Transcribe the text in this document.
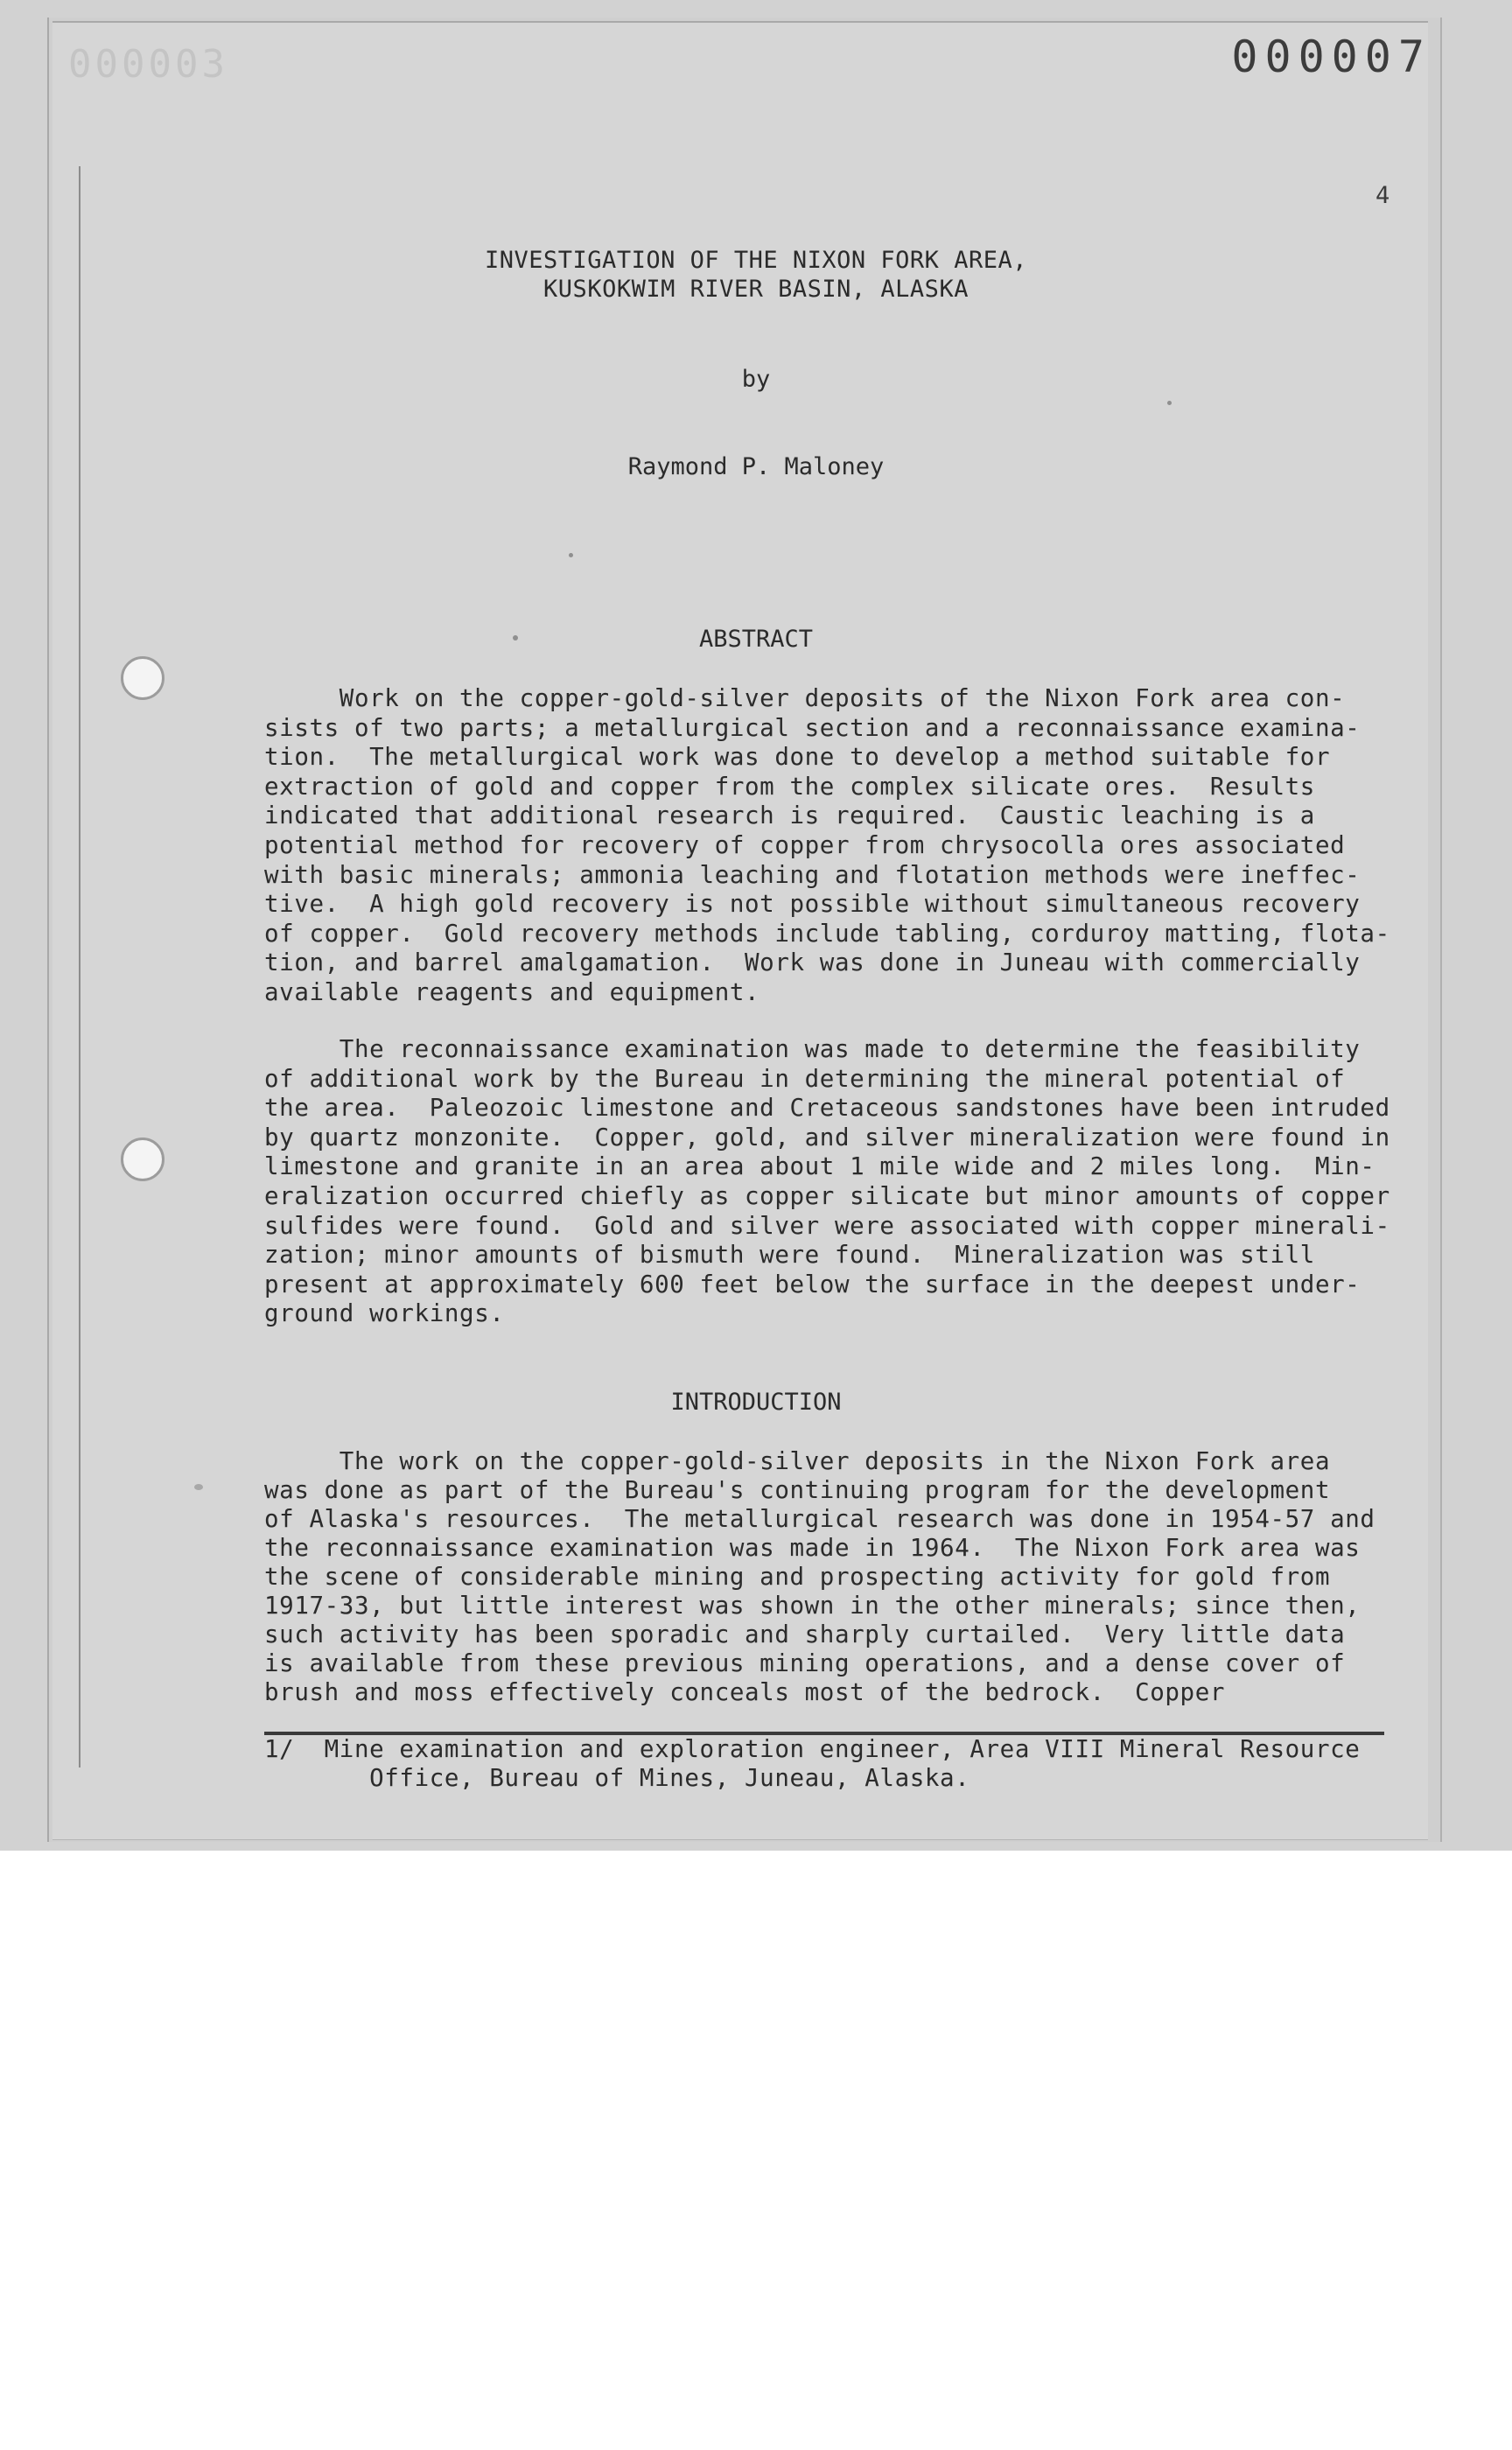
000003	000007
4
INVESTIGATION OF THE NIXON FORK AREA,
KUSKOKWIM RIVER BASIN, ALASKA
by
Raymond P. Maloney
ABSTRACT
Work on the copper-gold-silver deposits of the Nixon Fork area con-
sists of two parts; a metallurgical section and a reconnaissance examina-
tion.  The metallurgical work was done to develop a method suitable for
extraction of gold and copper from the complex silicate ores.  Results
indicated that additional research is required.  Caustic leaching is a
potential method for recovery of copper from chrysocolla ores associated
with basic minerals; ammonia leaching and flotation methods were ineffec-
tive.  A high gold recovery is not possible without simultaneous recovery
of copper.  Gold recovery methods include tabling, corduroy matting, flota-
tion, and barrel amalgamation.  Work was done in Juneau with commercially
available reagents and equipment.
The reconnaissance examination was made to determine the feasibility
of additional work by the Bureau in determining the mineral potential of
the area.  Paleozoic limestone and Cretaceous sandstones have been intruded
by quartz monzonite.  Copper, gold, and silver mineralization were found in
limestone and granite in an area about 1 mile wide and 2 miles long.  Min-
eralization occurred chiefly as copper silicate but minor amounts of copper
sulfides were found.  Gold and silver were associated with copper minerali-
zation; minor amounts of bismuth were found.  Mineralization was still
present at approximately 600 feet below the surface in the deepest under-
ground workings.
INTRODUCTION
The work on the copper-gold-silver deposits in the Nixon Fork area
was done as part of the Bureau's continuing program for the development
of Alaska's resources.  The metallurgical research was done in 1954-57 and
the reconnaissance examination was made in 1964.  The Nixon Fork area was
the scene of considerable mining and prospecting activity for gold from
1917-33, but little interest was shown in the other minerals; since then,
such activity has been sporadic and sharply curtailed.  Very little data
is available from these previous mining operations, and a dense cover of
brush and moss effectively conceals most of the bedrock.  Copper
1/  Mine examination and exploration engineer, Area VIII Mineral Resource
Office, Bureau of Mines, Juneau, Alaska.
